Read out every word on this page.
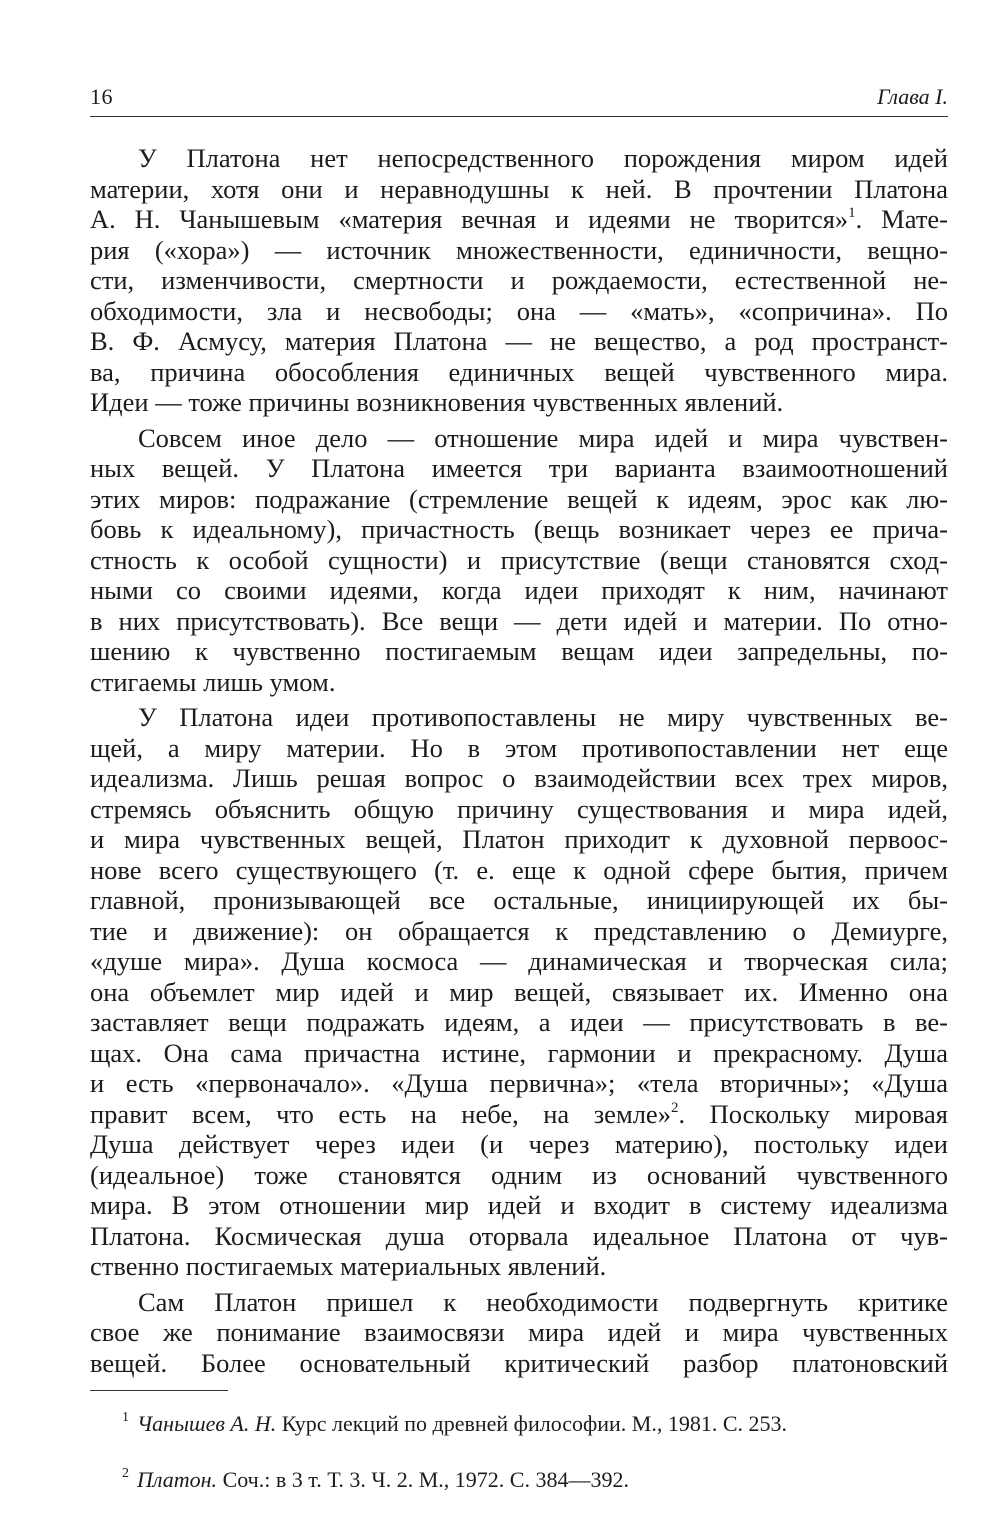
16	Глава I.
У Платона нет непосредственного порождения миром идей
материи, хотя они и неравнодушны к ней. В прочтении Платона
А. Н. Чанышевым «материя вечная и идеями не творится»$^1$. Мате-
рия («хора») — источник множественности, единичности, вещно-
сти, изменчивости, смертности и рождаемости, естественной не-
обходимости, зла и несвободы; она — «мать», «сопричина». По
В. Ф. Асмусу, материя Платона — не вещество, а род пространст-
ва, причина обособления единичных вещей чувственного мира.
Идеи — тоже причины возникновения чувственных явлений.
Совсем иное дело — отношение мира идей и мира чувствен-
ных вещей. У Платона имеется три варианта взаимоотношений
этих миров: подражание (стремление вещей к идеям, эрос как лю-
бовь к идеальному), причастность (вещь возникает через ее прича-
стность к особой сущности) и присутствие (вещи становятся сход-
ными со своими идеями, когда идеи приходят к ним, начинают
в них присутствовать). Все вещи — дети идей и материи. По отно-
шению к чувственно постигаемым вещам идеи запредельны, по-
стигаемы лишь умом.
У Платона идеи противопоставлены не миру чувственных ве-
щей, а миру материи. Но в этом противопоставлении нет еще
идеализма. Лишь решая вопрос о взаимодействии всех трех миров,
стремясь объяснить общую причину существования и мира идей,
и мира чувственных вещей, Платон приходит к духовной первоос-
нове всего существующего (т. е. еще к одной сфере бытия, причем
главной, пронизывающей все остальные, инициирующей их бы-
тие и движение): он обращается к представлению о Демиурге,
«душе мира». Душа космоса — динамическая и творческая сила;
она объемлет мир идей и мир вещей, связывает их. Именно она
заставляет вещи подражать идеям, а идеи — присутствовать в ве-
щах. Она сама причастна истине, гармонии и прекрасному. Душа
и есть «первоначало». «Душа первична»; «тела вторичны»; «Душа
правит всем, что есть на небе, на земле»$^2$. Поскольку мировая
Душа действует через идеи (и через материю), постольку идеи
(идеальное) тоже становятся одним из оснований чувственного
мира. В этом отношении мир идей и входит в систему идеализма
Платона. Космическая душа оторвала идеальное Платона от чув-
ственно постигаемых материальных явлений.
Сам Платон пришел к необходимости подвергнуть критике
свое же понимание взаимосвязи мира идей и мира чувственных
вещей. Более основательный критический разбор платоновский
$^1$ Чанышев А. Н. Курс лекций по древней философии. М., 1981. С. 253.
$^2$ Платон. Соч.: в 3 т. Т. 3. Ч. 2. М., 1972. С. 384—392.
